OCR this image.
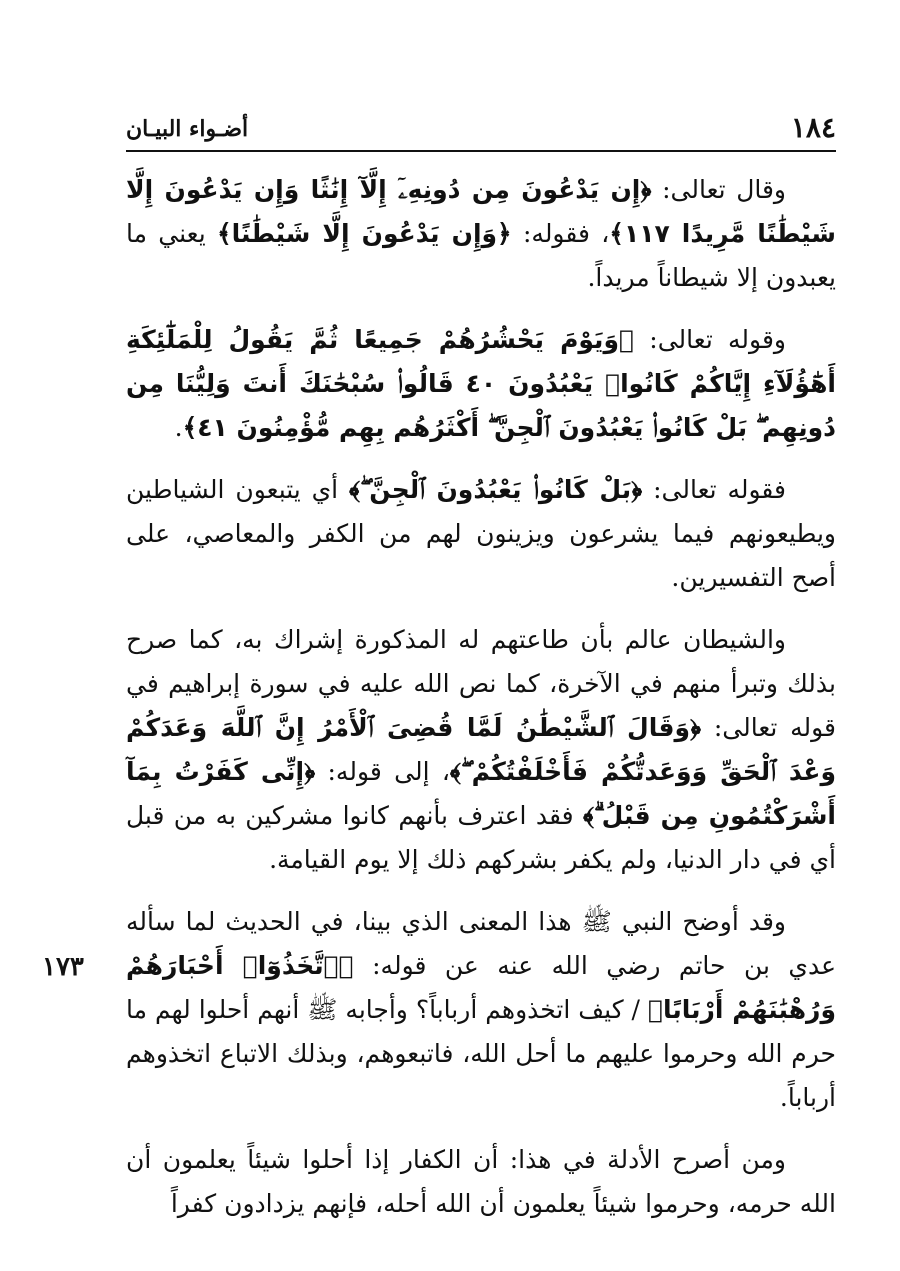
١٨٤
أضـواء البيـان

وقال تعالى: ﴿إِن يَدْعُونَ مِن دُونِهِۦٓ إِلَّآ إِنَٰثًا وَإِن يَدْعُونَ إِلَّا شَيْطَٰنًا مَّرِيدًا ١١٧﴾، فقوله: ﴿وَإِن يَدْعُونَ إِلَّا شَيْطَٰنًا﴾ يعني ما يعبدون إلا شيطاناً مريداً.

وقوله تعالى: ﴿وَيَوْمَ يَحْشُرُهُمْ جَمِيعًا ثُمَّ يَقُولُ لِلْمَلَٰٓئِكَةِ أَهَٰٓؤُلَآءِ إِيَّاكُمْ كَانُوا۟ يَعْبُدُونَ ٤٠ قَالُوا۟ سُبْحَٰنَكَ أَنتَ وَلِيُّنَا مِن دُونِهِم ۖ بَلْ كَانُوا۟ يَعْبُدُونَ ٱلْجِنَّ ۖ أَكْثَرُهُم بِهِم مُّؤْمِنُونَ ٤١﴾.

فقوله تعالى: ﴿بَلْ كَانُوا۟ يَعْبُدُونَ ٱلْجِنَّ ۖ﴾ أي يتبعون الشياطين ويطيعونهم فيما يشرعون ويزينون لهم من الكفر والمعاصي، على أصح التفسيرين.

والشيطان عالم بأن طاعتهم له المذكورة إشراك به، كما صرح بذلك وتبرأ منهم في الآخرة، كما نص الله عليه في سورة إبراهيم في قوله تعالى: ﴿وَقَالَ ٱلشَّيْطَٰنُ لَمَّا قُضِىَ ٱلْأَمْرُ إِنَّ ٱللَّهَ وَعَدَكُمْ وَعْدَ ٱلْحَقِّ وَوَعَدتُّكُمْ فَأَخْلَفْتُكُمْ ۖ﴾، إلى قوله: ﴿إِنِّى كَفَرْتُ بِمَآ أَشْرَكْتُمُونِ مِن قَبْلُ ۗ﴾ فقد اعترف بأنهم كانوا مشركين به من قبل أي في دار الدنيا، ولم يكفر بشركهم ذلك إلا يوم القيامة.

وقد أوضح النبي ﷺ هذا المعنى الذي بينا، في الحديث لما سأله عدي بن حاتم رضي الله عنه عن قوله: ﴿ٱتَّخَذُوٓا۟ أَحْبَارَهُمْ وَرُهْبَٰنَهُمْ أَرْبَابًا﴾ / كيف اتخذوهم أرباباً؟ وأجابه ﷺ أنهم أحلوا لهم ما حرم الله وحرموا عليهم ما أحل الله، فاتبعوهم، وبذلك الاتباع اتخذوهم أرباباً.

ومن أصرح الأدلة في هذا: أن الكفار إذا أحلوا شيئاً يعلمون أن الله حرمه، وحرموا شيئاً يعلمون أن الله أحله، فإنهم يزدادون كفراً

١٧٣
